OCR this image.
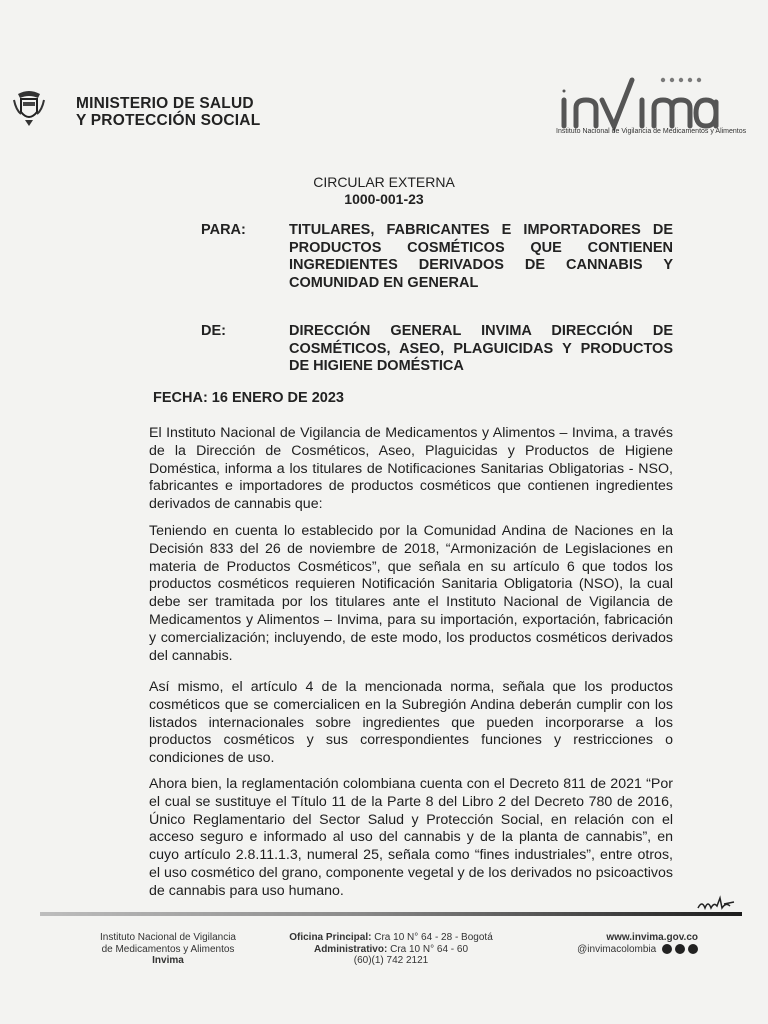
MINISTERIO DE SALUD
Y PROTECCIÓN SOCIAL
Instituto Nacional de Vigilancia de Medicamentos y Alimentos
CIRCULAR EXTERNA
1000-001-23
PARA:	TITULARES, FABRICANTES E IMPORTADORES DE PRODUCTOS COSMÉTICOS QUE CONTIENEN INGREDIENTES DERIVADOS DE CANNABIS Y COMUNIDAD EN GENERAL
DE:	DIRECCIÓN GENERAL INVIMA DIRECCIÓN DE COSMÉTICOS, ASEO, PLAGUICIDAS Y PRODUCTOS DE HIGIENE DOMÉSTICA
FECHA: 16 ENERO DE 2023
El Instituto Nacional de Vigilancia de Medicamentos y Alimentos – Invima, a través de la Dirección de Cosméticos, Aseo, Plaguicidas y Productos de Higiene Doméstica, informa a los titulares de Notificaciones Sanitarias Obligatorias - NSO, fabricantes e importadores de productos cosméticos que contienen ingredientes derivados de cannabis que:
Teniendo en cuenta lo establecido por la Comunidad Andina de Naciones en la Decisión 833 del 26 de noviembre de 2018, “Armonización de Legislaciones en materia de Productos Cosméticos”, que señala en su artículo 6 que todos los productos cosméticos requieren Notificación Sanitaria Obligatoria (NSO), la cual debe ser tramitada por los titulares ante el Instituto Nacional de Vigilancia de Medicamentos y Alimentos – Invima, para su importación, exportación, fabricación y comercialización; incluyendo, de este modo, los productos cosméticos derivados del cannabis.
Así mismo, el artículo 4 de la mencionada norma, señala que los productos cosméticos que se comercialicen en la Subregión Andina deberán cumplir con los listados internacionales sobre ingredientes que pueden incorporarse a los productos cosméticos y sus correspondientes funciones y restricciones o condiciones de uso.
Ahora bien, la reglamentación colombiana cuenta con el Decreto 811 de 2021 “Por el cual se sustituye el Título 11 de la Parte 8 del Libro 2 del Decreto 780 de 2016, Único Reglamentario del Sector Salud y Protección Social, en relación con el acceso seguro e informado al uso del cannabis y de la planta de cannabis”, en cuyo artículo 2.8.11.1.3, numeral 25, señala como “fines industriales”, entre otros, el uso cosmético del grano, componente vegetal y de los derivados no psicoactivos de cannabis para uso humano.
Instituto Nacional de Vigilancia
de Medicamentos y Alimentos
Invima
Oficina Principal: Cra 10 N° 64 - 28 - Bogotá
Administrativo: Cra 10 N° 64 - 60
(60)(1) 742 2121
www.invima.gov.co
@invimacolombia
